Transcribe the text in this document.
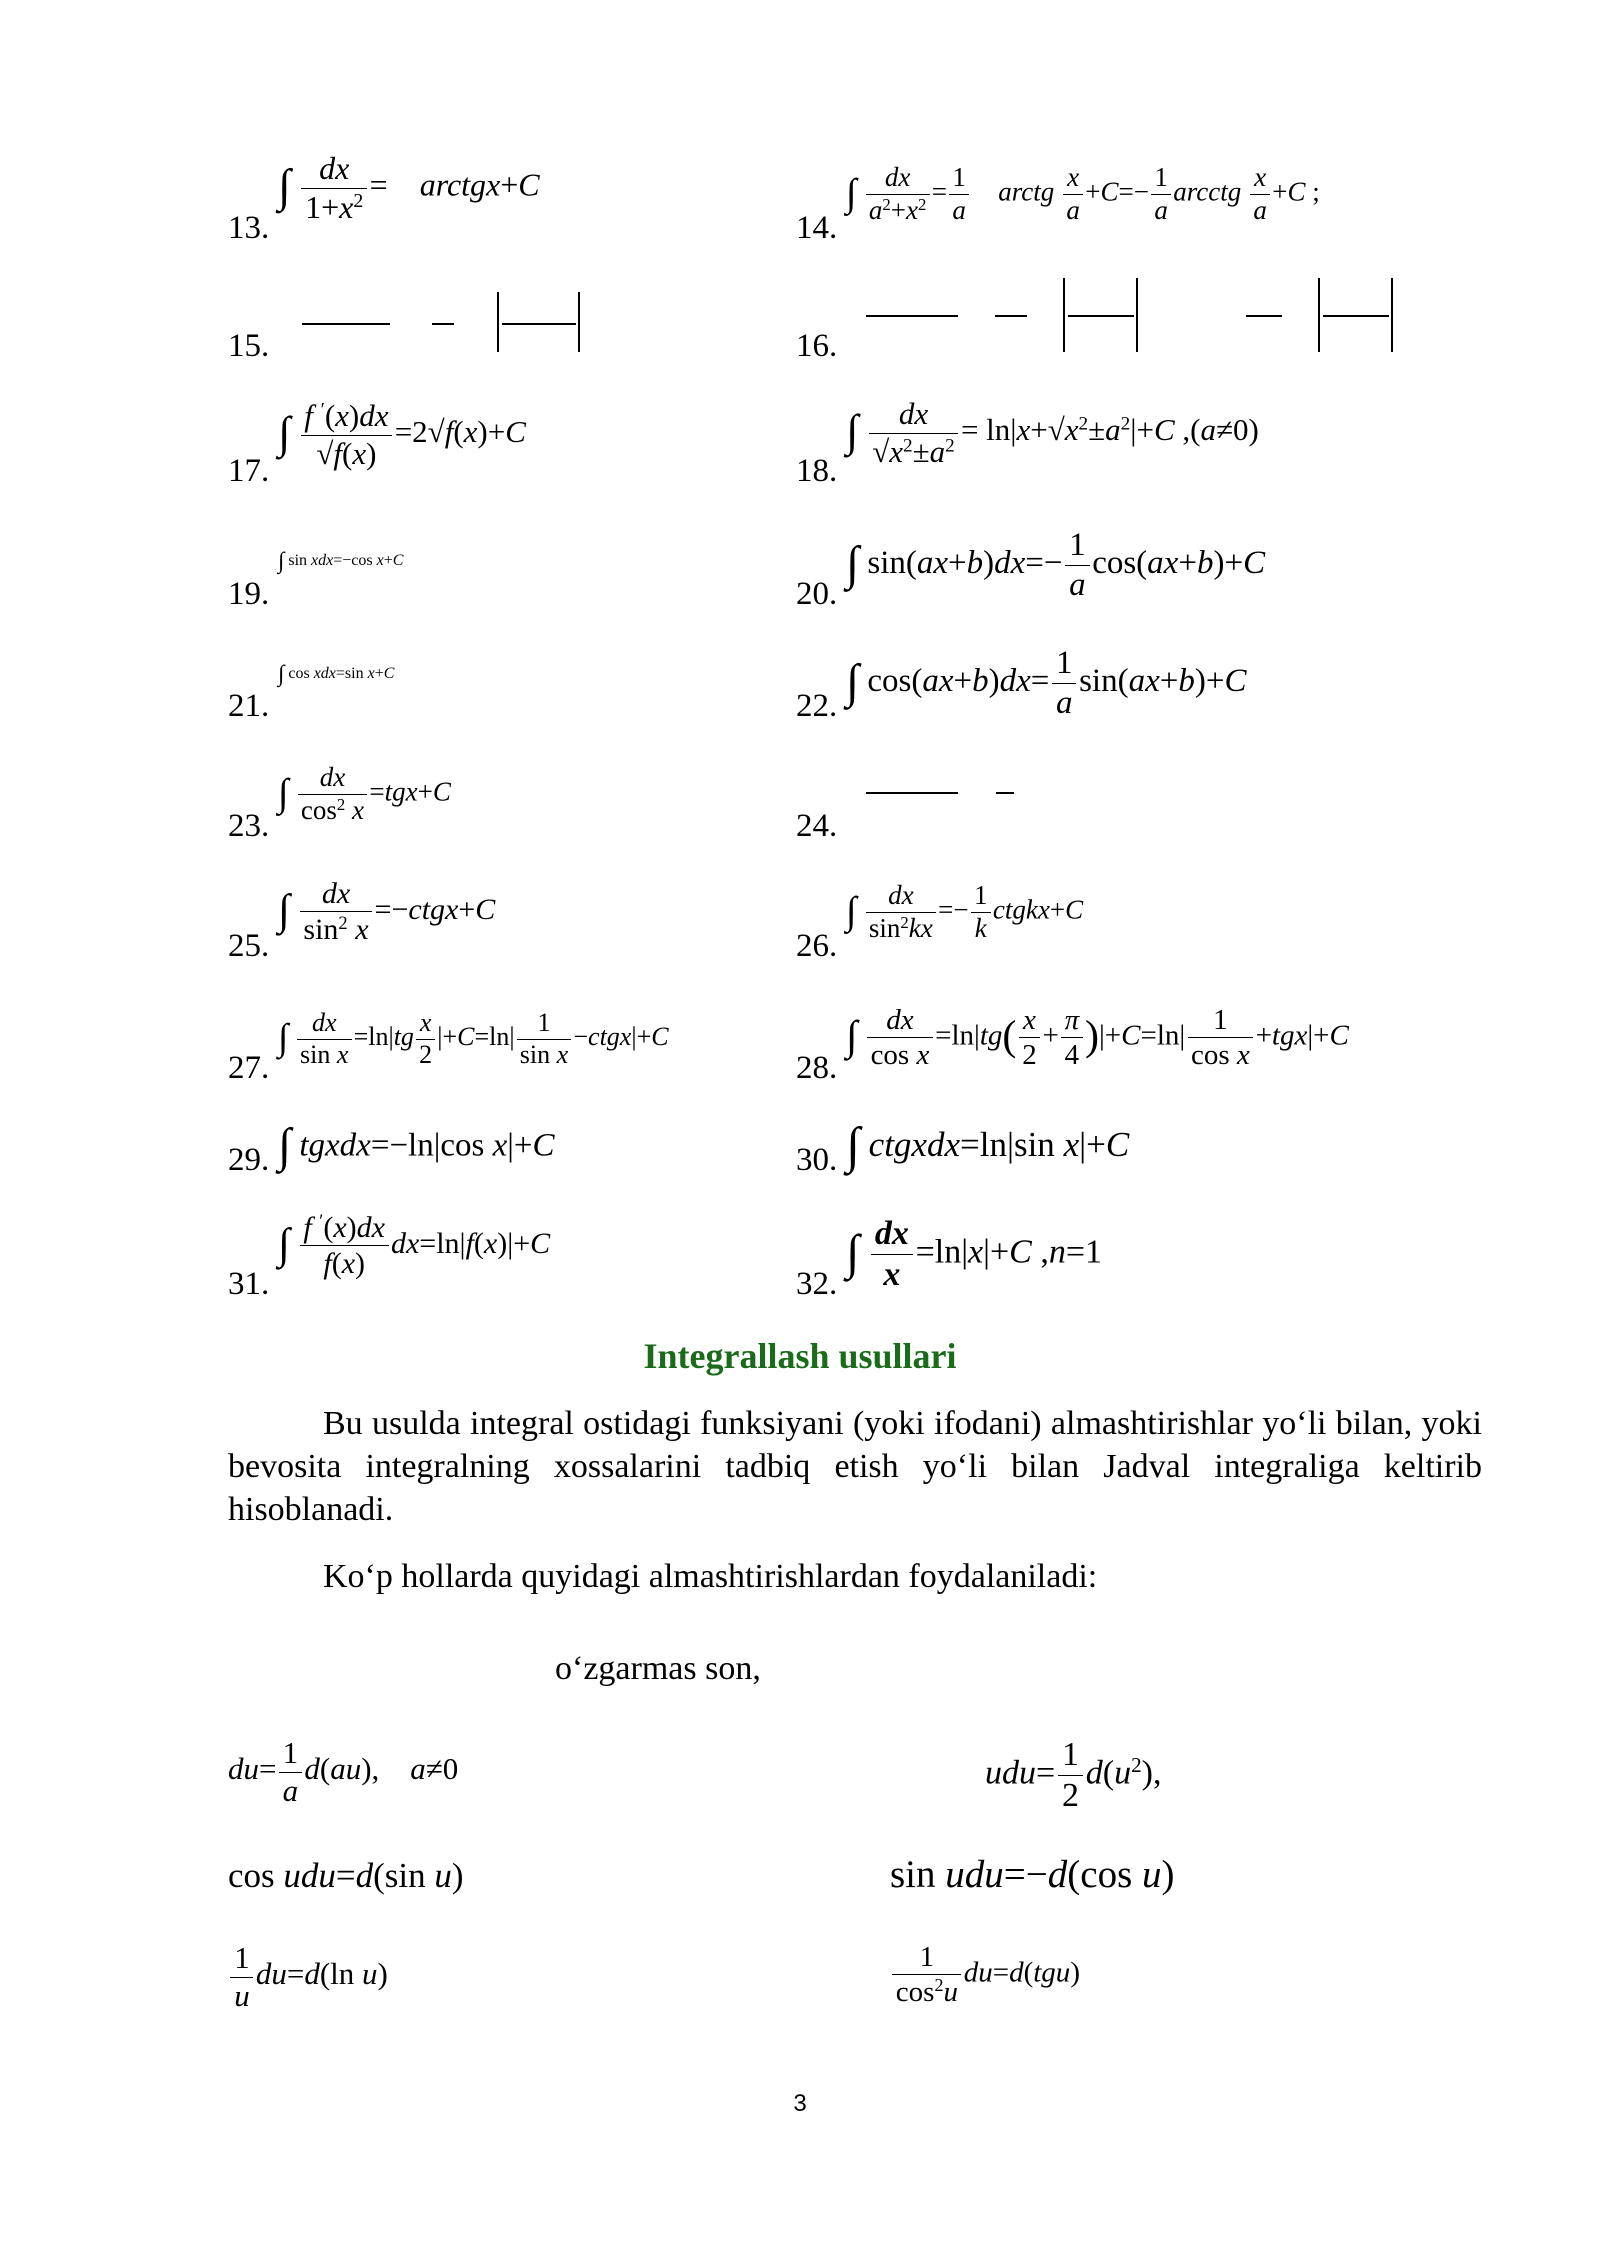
13.
∫ $\frac{dx}{1+x^2}$ =    arctgx+C
14.
∫ $\frac{dx}{a^2+x^2} = \frac{1}{a}$ arctg $\frac{x}{a} +C=- \frac{1}{a}$ arcctg $\frac{x}{a} +C$ ;
15.	16.
17.
∫ $\frac{f '(x)dx}{√f(x)} =2√f(x)+C$
18.
∫ $\frac{dx}{√x^2\pm a^2} = \ln|x+√x^2\pm a^2|+C$ ,(a≠0)
19.
∫ sin xdx=−cos x+C
20.
∫ $\sin(ax+b)dx=- \frac{1}{a} \cos(ax+b)+C$
21.
∫ cos xdx=sin x+C
22. ∫ $\cos(ax+b)dx= \frac{1}{a} \sin(ax+b)+C$
23.
∫ $\frac{dx}{\cos^2 x} =tgx+C$
24.
25.
∫ $\frac{dx}{\sin^2 x}$ =−ctgx+C
26.
∫ $\frac{dx}{\sin^2kx} =- \frac{1}{k}$ ctgkx+C
27.
∫ $\frac{dx}{\text{sin x}} =\ln|tg \frac{x}{2} |+C=\ln| \frac{1}{\text{sin x}}$ −ctgx|+C
28.
∫ $\frac{dx}{\text{cos x}} =\ln|tg( \frac{x}{2} + \frac{\pi}{4} )|+C=\ln| \frac{1}{\text{cos x}} +tgx|+C$
29. ∫ tgxdx=−ln|cos x|+C	30. ∫ ctgxdx=ln|sin x|+C
31.
∫ $\frac{f '(x)dx}{f(x)} dx=\ln|f(x)|+C$
32.
∫ $\frac{dx}{x} =\ln|x|+C$ ,n=1
Integrallash usullari
Bu usulda integral ostidagi funksiyani (yoki ifodani) almashtirishlar yo‘li bilan, yoki bevosita integralning xossalarini tadbiq etish yo‘li bilan Jadval integraliga keltirib hisoblanadi.
Ko‘p hollarda quyidagi almashtirishlardan foydalaniladi:
o‘zgarmas son,
$du= \frac{1}{a} d(au)$,    a≠0	$udu= \frac{1}{2} d(u^2)$,
cos udu=d(sin u)	sin udu=−d(cos u)
$\frac{1}{u} du=d(\ln$ u)	$\frac{1}{\cos^2u} du=d(tgu)$
3
